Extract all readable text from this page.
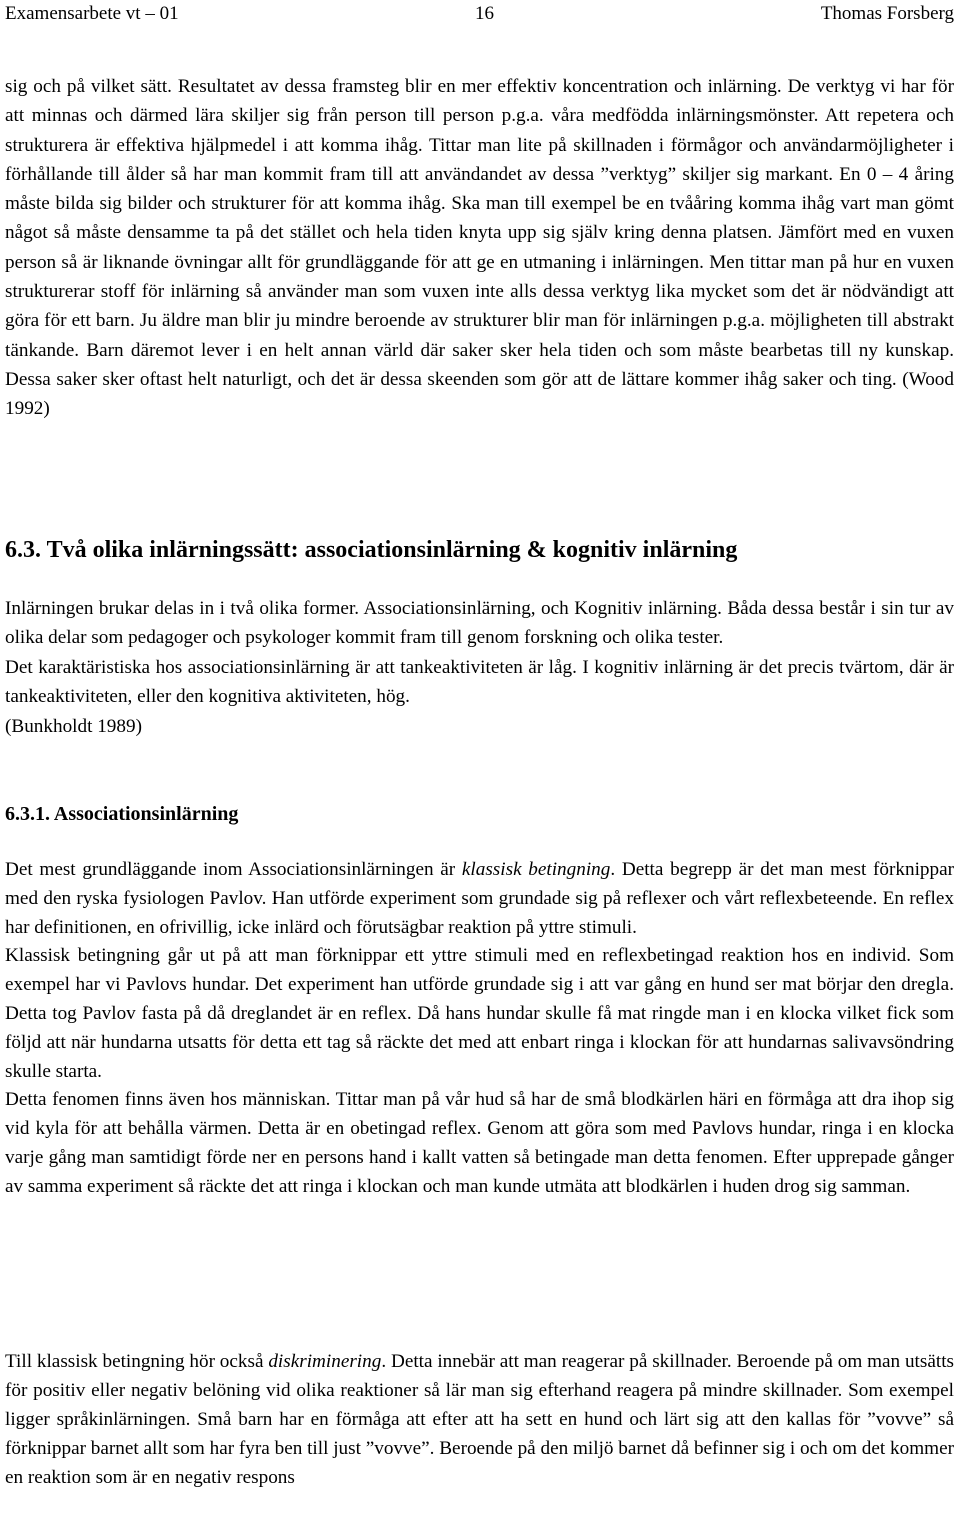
Examensarbete vt – 01	16	Thomas Forsberg

sig och på vilket sätt. Resultatet av dessa framsteg blir en mer effektiv koncentration och inlärning. De verktyg vi har för att minnas och därmed lära skiljer sig från person till person p.g.a. våra medfödda inlärningsmönster. Att repetera och strukturera är effektiva hjälpmedel i att komma ihåg. Tittar man lite på skillnaden i förmågor och användarmöjligheter i förhållande till ålder så har man kommit fram till att användandet av dessa ”verktyg” skiljer sig markant. En 0 – 4 åring måste bilda sig bilder och strukturer för att komma ihåg. Ska man till exempel be en tvååring komma ihåg vart man gömt något så måste densamme ta på det stället och hela tiden knyta upp sig själv kring denna platsen. Jämfört med en vuxen person så är liknande övningar allt för grundläggande för att ge en utmaning i inlärningen. Men tittar man på hur en vuxen strukturerar stoff för inlärning så använder man som vuxen inte alls dessa verktyg lika mycket som det är nödvändigt att göra för ett barn. Ju äldre man blir ju mindre beroende av strukturer blir man för inlärningen p.g.a. möjligheten till abstrakt tänkande. Barn däremot lever i en helt annan värld där saker sker hela tiden och som måste bearbetas till ny kunskap. Dessa saker sker oftast helt naturligt, och det är dessa skeenden som gör att de lättare kommer ihåg saker och ting. (Wood 1992)

6.3. Två olika inlärningssätt: associationsinlärning & kognitiv inlärning

Inlärningen brukar delas in i två olika former. Associationsinlärning, och Kognitiv inlärning. Båda dessa består i sin tur av olika delar som pedagoger och psykologer kommit fram till genom forskning och olika tester.

Det karaktäristiska hos associationsinlärning är att tankeaktiviteten är låg. I kognitiv inlärning är det precis tvärtom, där är tankeaktiviteten, eller den kognitiva aktiviteten, hög.

(Bunkholdt 1989)

6.3.1. Associationsinlärning

Det mest grundläggande inom Associationsinlärningen är klassisk betingning. Detta begrepp är det man mest förknippar med den ryska fysiologen Pavlov. Han utförde experiment som grundade sig på reflexer och vårt reflexbeteende. En reflex har definitionen, en ofrivillig, icke inlärd och förutsägbar reaktion på yttre stimuli.

Klassisk betingning går ut på att man förknippar ett yttre stimuli med en reflexbetingad reaktion hos en individ. Som exempel har vi Pavlovs hundar. Det experiment han utförde grundade sig i att var gång en hund ser mat börjar den dregla. Detta tog Pavlov fasta på då dreglandet är en reflex. Då hans hundar skulle få mat ringde man i en klocka vilket fick som följd att när hundarna utsatts för detta ett tag så räckte det med att enbart ringa i klockan för att hundarnas salivavsöndring skulle starta.

Detta fenomen finns även hos människan. Tittar man på vår hud så har de små blodkärlen häri en förmåga att dra ihop sig vid kyla för att behålla värmen. Detta är en obetingad reflex. Genom att göra som med Pavlovs hundar, ringa i en klocka varje gång man samtidigt förde ner en persons hand i kallt vatten så betingade man detta fenomen. Efter upprepade gånger av samma experiment så räckte det att ringa i klockan och man kunde utmäta att blodkärlen i huden drog sig samman.

Till klassisk betingning hör också diskriminering. Detta innebär att man reagerar på skillnader. Beroende på om man utsätts för positiv eller negativ belöning vid olika reaktioner så lär man sig efterhand reagera på mindre skillnader. Som exempel ligger språkinlärningen. Små barn har en förmåga att efter att ha sett en hund och lärt sig att den kallas för ”vovve” så förknippar barnet allt som har fyra ben till just ”vovve”. Beroende på den miljö barnet då befinner sig i och om det kommer en reaktion som är en negativ respons
